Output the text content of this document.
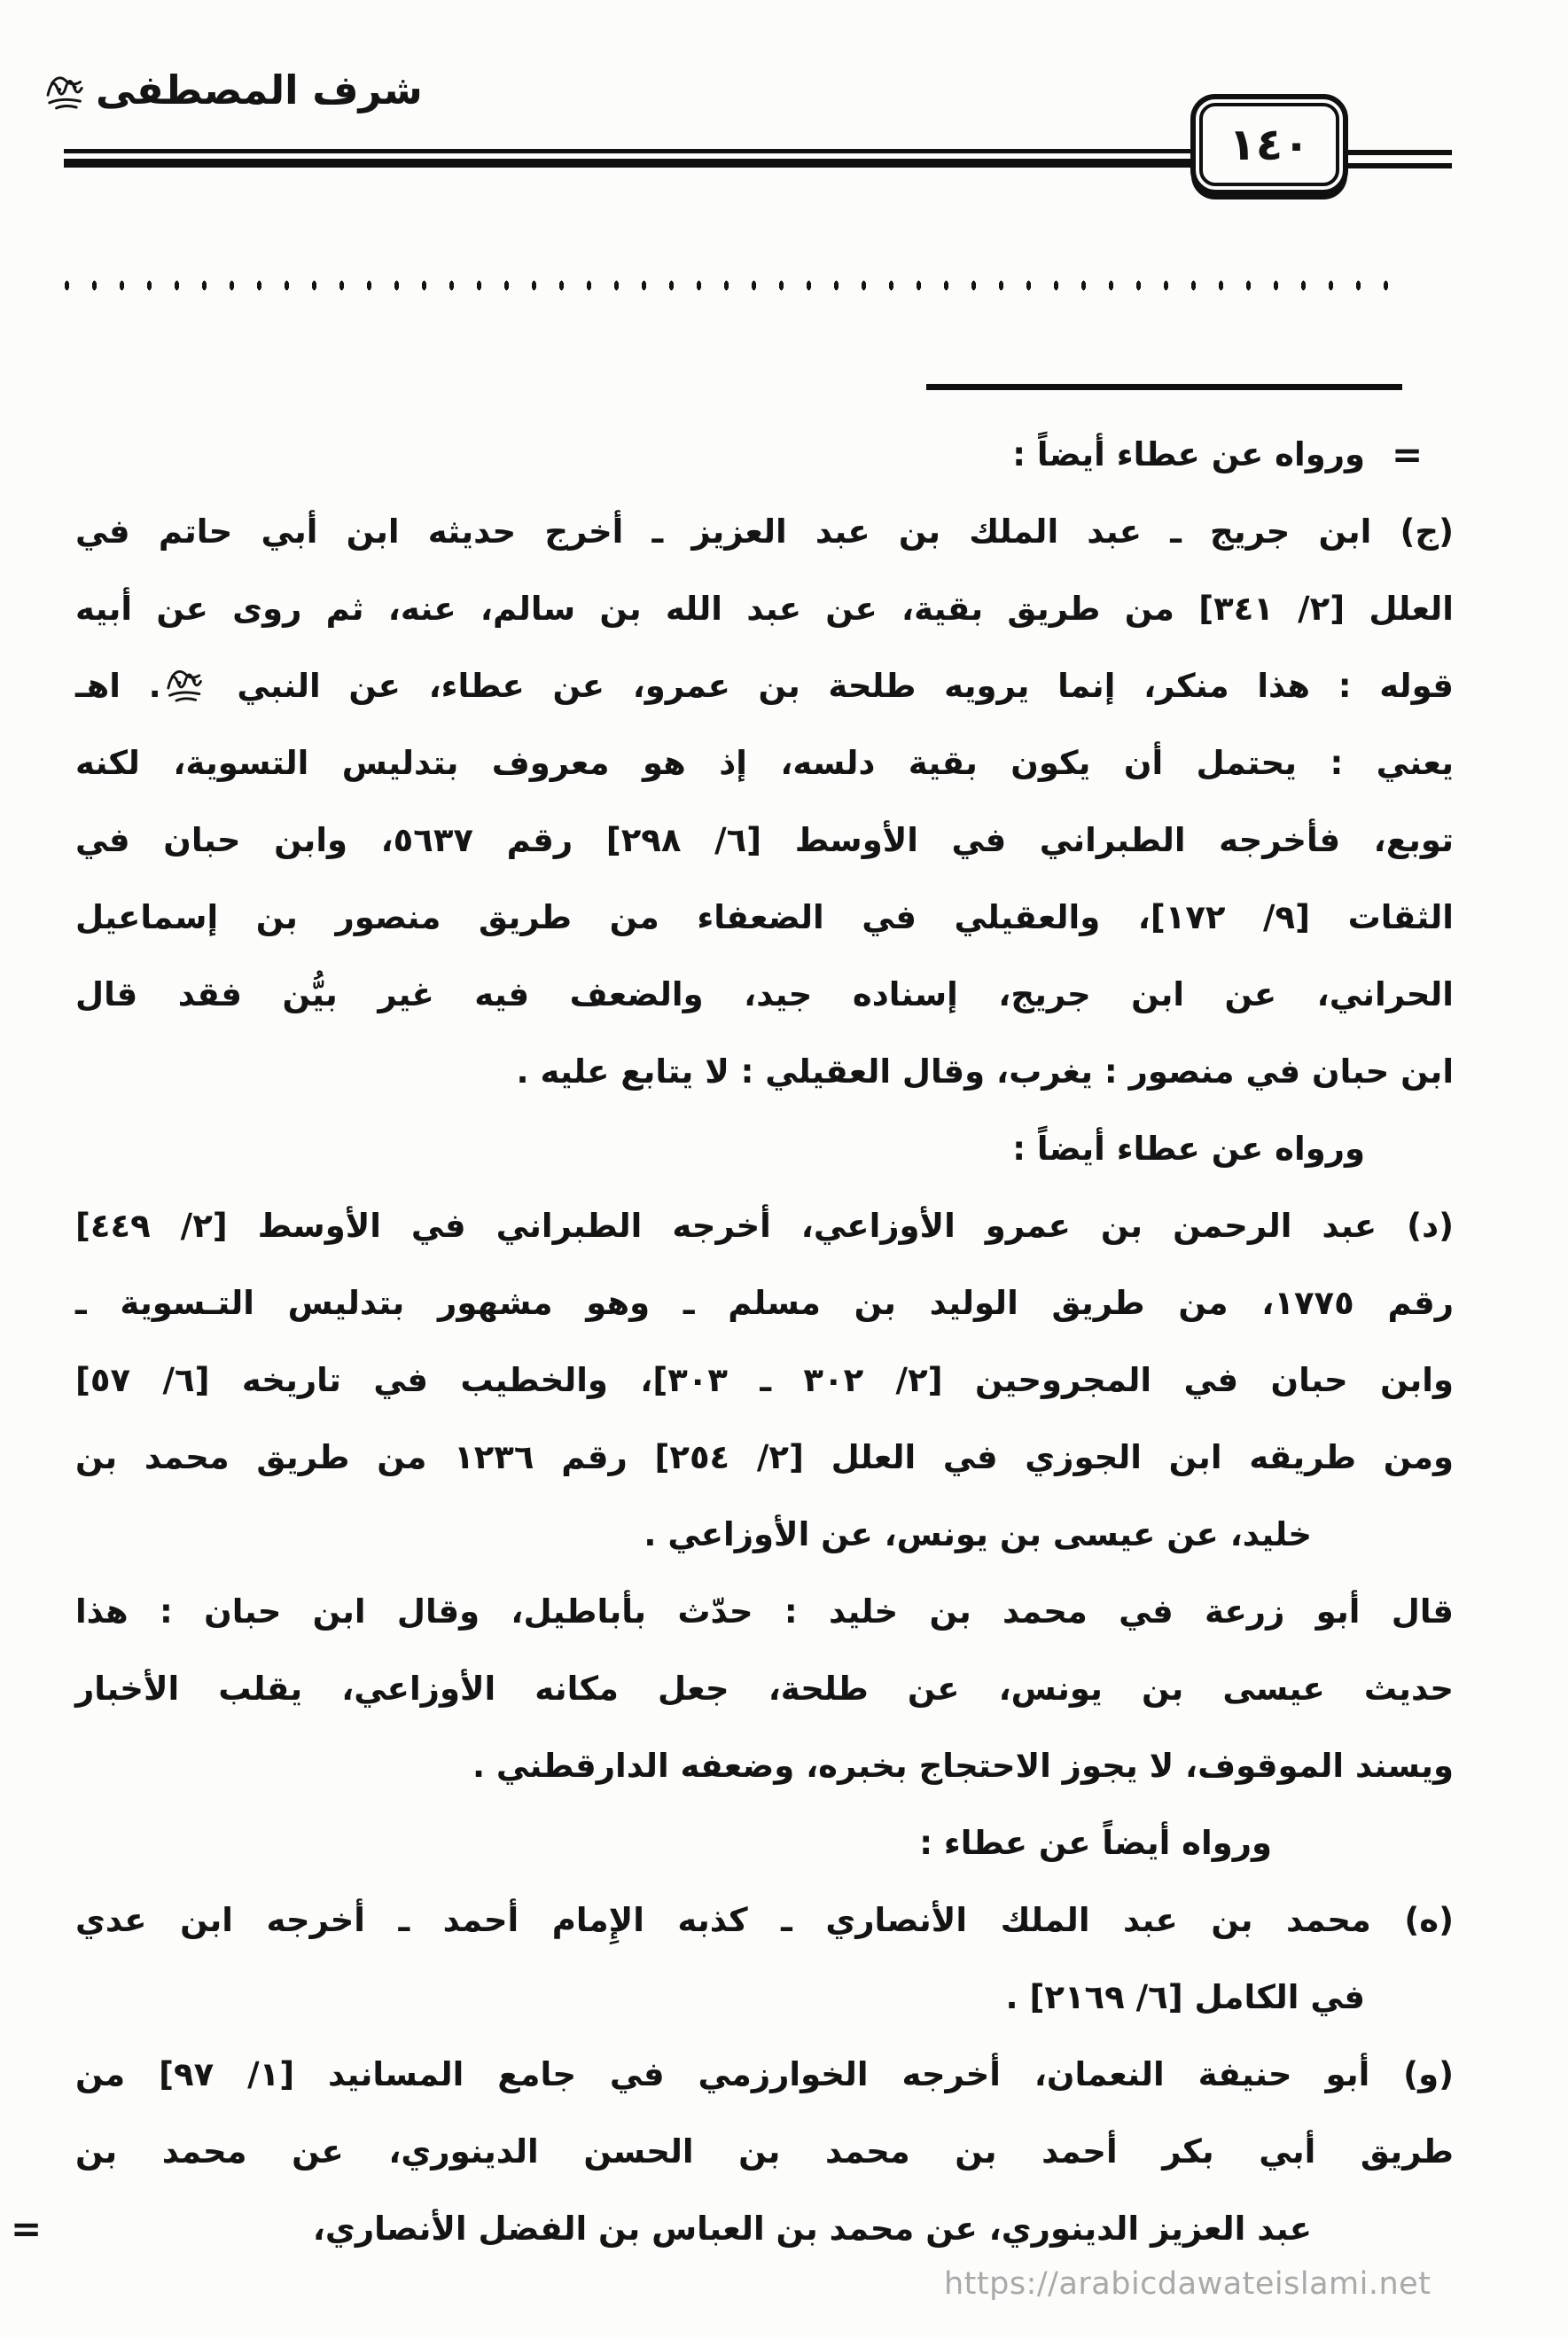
شرف المصطفى
١٤٠
=
=
ورواه عن عطاء أيضاً :
(ج) ابن جريج ـ عبد الملك بن عبد العزيز ـ أخرج حديثه ابن أبي حاتم في
العلل [٢/ ٣٤١] من طريق بقية، عن عبد الله بن سالم، عنه، ثم روى عن أبيه
قوله : هذا منكر، إنما يرويه طلحة بن عمرو، عن عطاء، عن النبي . اهـ
يعني : يحتمل أن يكون بقية دلسه، إذ هو معروف بتدليس التسوية، لكنه
توبع، فأخرجه الطبراني في الأوسط [٦/ ٢٩٨] رقم ٥٦٣٧، وابن حبان في
الثقات [٩/ ١٧٢]، والعقيلي في الضعفاء من طريق منصور بن إسماعيل
الحراني، عن ابن جريج، إسناده جيد، والضعف فيه غير بيُّن فقد قال
ابن حبان في منصور : يغرب، وقال العقيلي : لا يتابع عليه .
ورواه عن عطاء أيضاً :
(د) عبد الرحمن بن عمرو الأوزاعي، أخرجه الطبراني في الأوسط [٢/ ٤٤٩]
رقم ١٧٧٥، من طريق الوليد بن مسلم ـ وهو مشهور بتدليس التـسوية ـ
وابن حبان في المجروحين [٢/ ٣٠٢ ـ ٣٠٣]، والخطيب في تاريخه [٦/ ٥٧]
ومن طريقه ابن الجوزي في العلل [٢/ ٢٥٤] رقم ١٢٣٦ من طريق محمد بن
خليد، عن عيسى بن يونس، عن الأوزاعي .
قال أبو زرعة في محمد بن خليد : حدّث بأباطيل، وقال ابن حبان : هذا
حديث عيسى بن يونس، عن طلحة، جعل مكانه الأوزاعي، يقلب الأخبار
ويسند الموقوف، لا يجوز الاحتجاج بخبره، وضعفه الدارقطني .
ورواه أيضاً عن عطاء :
(ه) محمد بن عبد الملك الأنصاري ـ كذبه الإِمام أحمد ـ أخرجه ابن عدي
في الكامل [٦/ ٢١٦٩] .
(و) أبو حنيفة النعمان، أخرجه الخوارزمي في جامع المسانيد [١/ ٩٧] من
طريق أبي بكر أحمد بن محمد بن الحسن الدينوري، عن محمد بن
عبد العزيز الدينوري، عن محمد بن العباس بن الفضل الأنصاري،
https://arabicdawateislami.net
